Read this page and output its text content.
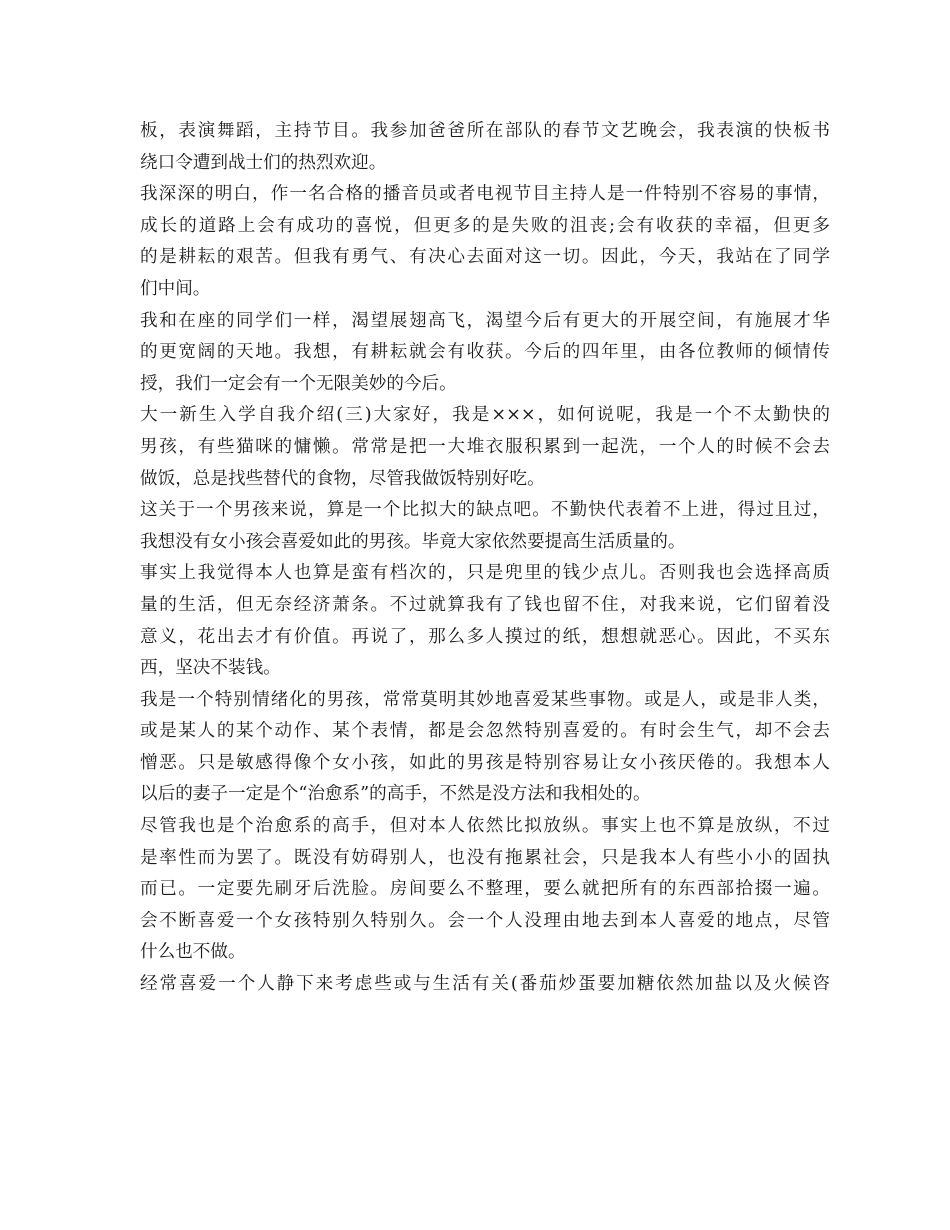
板，表演舞蹈，主持节目。我参加爸爸所在部队的春节文艺晚会，我表演的快板书
绕口令遭到战士们的热烈欢迎。
我深深的明白，作一名合格的播音员或者电视节目主持人是一件特别不容易的事情，
成长的道路上会有成功的喜悦，但更多的是失败的沮丧;会有收获的幸福，但更多
的是耕耘的艰苦。但我有勇气、有决心去面对这一切。因此，今天，我站在了同学
们中间。
我和在座的同学们一样，渴望展翅高飞，渴望今后有更大的开展空间，有施展才华
的更宽阔的天地。我想，有耕耘就会有收获。今后的四年里，由各位教师的倾情传
授，我们一定会有一个无限美妙的今后。
大一新生入学自我介绍(三)大家好，我是×××，如何说呢，我是一个不太勤快的
男孩，有些猫咪的慵懒。常常是把一大堆衣服积累到一起洗，一个人的时候不会去
做饭，总是找些替代的食物，尽管我做饭特别好吃。
这关于一个男孩来说，算是一个比拟大的缺点吧。不勤快代表着不上进，得过且过，
我想没有女小孩会喜爱如此的男孩。毕竟大家依然要提高生活质量的。
事实上我觉得本人也算是蛮有档次的，只是兜里的钱少点儿。否则我也会选择高质
量的生活，但无奈经济萧条。不过就算我有了钱也留不住，对我来说，它们留着没
意义，花出去才有价值。再说了，那么多人摸过的纸，想想就恶心。因此，不买东
西，坚决不装钱。
我是一个特别情绪化的男孩，常常莫明其妙地喜爱某些事物。或是人，或是非人类，
或是某人的某个动作、某个表情，都是会忽然特别喜爱的。有时会生气，却不会去
憎恶。只是敏感得像个女小孩，如此的男孩是特别容易让女小孩厌倦的。我想本人
以后的妻子一定是个“治愈系”的高手，不然是没方法和我相处的。
尽管我也是个治愈系的高手，但对本人依然比拟放纵。事实上也不算是放纵，不过
是率性而为罢了。既没有妨碍别人，也没有拖累社会，只是我本人有些小小的固执
而已。一定要先刷牙后洗脸。房间要么不整理，要么就把所有的东西部拾掇一遍。
会不断喜爱一个女孩特别久特别久。会一个人没理由地去到本人喜爱的地点，尽管
什么也不做。
经常喜爱一个人静下来考虑些或与生活有关(番茄炒蛋要加糖依然加盐以及火候咨
